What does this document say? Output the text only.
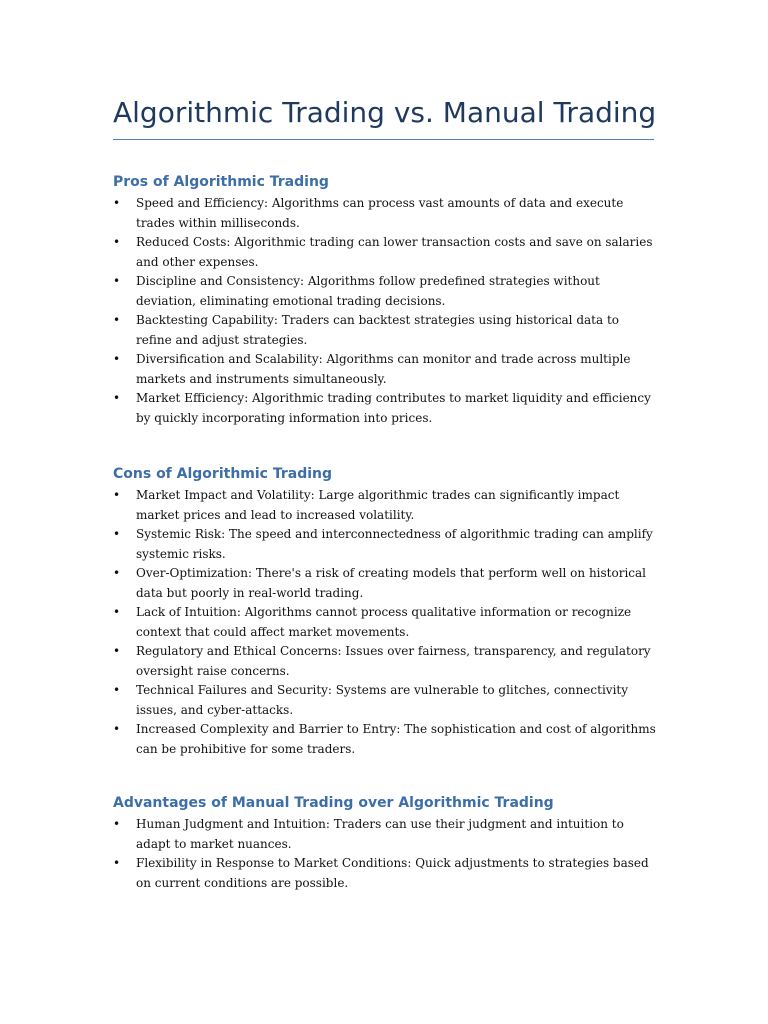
Algorithmic Trading vs. Manual Trading
Pros of Algorithmic Trading
•	Speed and Efficiency: Algorithms can process vast amounts of data and execute trades within milliseconds.
•	Reduced Costs: Algorithmic trading can lower transaction costs and save on salaries and other expenses.
•	Discipline and Consistency: Algorithms follow predefined strategies without deviation, eliminating emotional trading decisions.
•	Backtesting Capability: Traders can backtest strategies using historical data to refine and adjust strategies.
•	Diversification and Scalability: Algorithms can monitor and trade across multiple markets and instruments simultaneously.
•	Market Efficiency: Algorithmic trading contributes to market liquidity and efficiency by quickly incorporating information into prices.
Cons of Algorithmic Trading
•	Market Impact and Volatility: Large algorithmic trades can significantly impact market prices and lead to increased volatility.
•	Systemic Risk: The speed and interconnectedness of algorithmic trading can amplify systemic risks.
•	Over-Optimization: There's a risk of creating models that perform well on historical data but poorly in real-world trading.
•	Lack of Intuition: Algorithms cannot process qualitative information or recognize context that could affect market movements.
•	Regulatory and Ethical Concerns: Issues over fairness, transparency, and regulatory oversight raise concerns.
•	Technical Failures and Security: Systems are vulnerable to glitches, connectivity issues, and cyber-attacks.
•	Increased Complexity and Barrier to Entry: The sophistication and cost of algorithms can be prohibitive for some traders.
Advantages of Manual Trading over Algorithmic Trading
•	Human Judgment and Intuition: Traders can use their judgment and intuition to adapt to market nuances.
•	Flexibility in Response to Market Conditions: Quick adjustments to strategies based on current conditions are possible.
